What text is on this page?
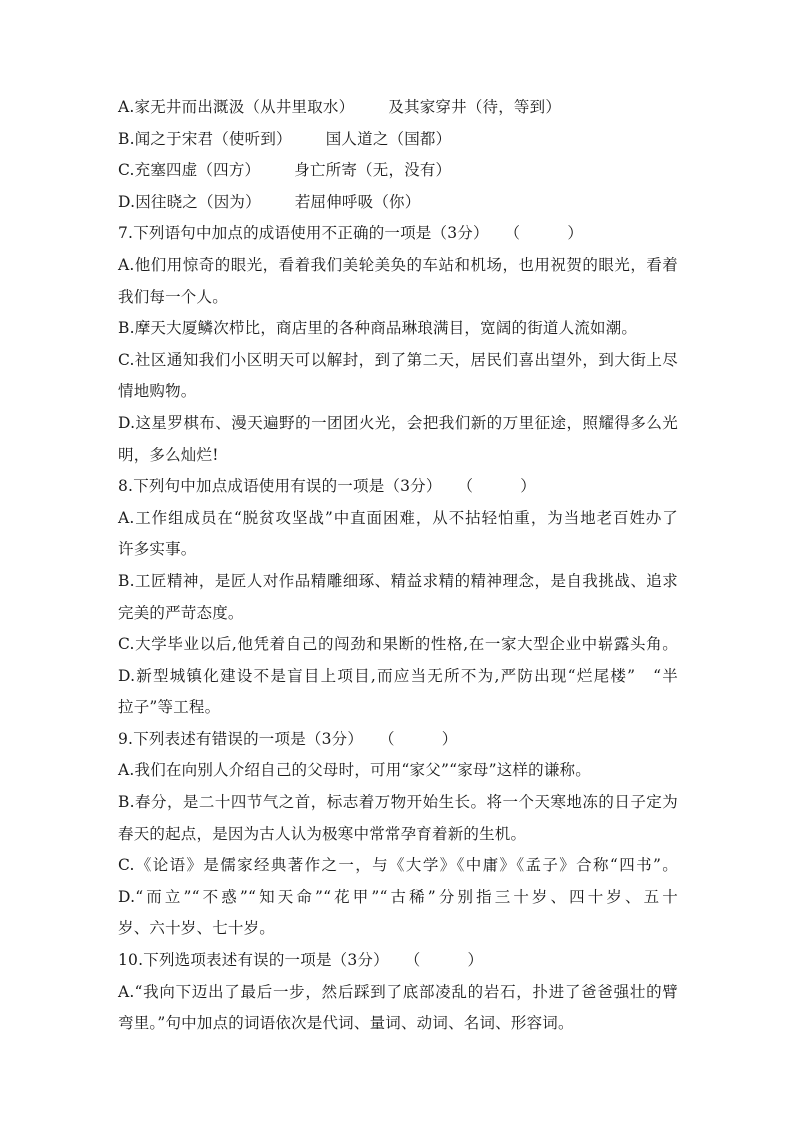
A.家无井而出溉汲（从井里取水） 及其家穿井（待，等到）
B.闻之于宋君（使听到） 国人道之（国都）
C.充塞四虚（四方） 身亡所寄（无，没有）
D.因往晓之（因为） 若屈伸呼吸（你）
7.下列语句中加点的成语使用不正确的一项是（3分）　　（　　　）
A.他们用惊奇的眼光，看着我们美轮美奂的车站和机场，也用祝贺的眼光，看着
我们每一个人。
B.摩天大厦鳞次栉比，商店里的各种商品琳琅满目，宽阔的街道人流如潮。
C.社区通知我们小区明天可以解封，到了第二天，居民们喜出望外，到大街上尽
情地购物。
D.这星罗棋布、漫天遍野的一团团火光，会把我们新的万里征途，照耀得多么光
明，多么灿烂!
8.下列句中加点成语使用有误的一项是（3分）　　（　　　）
A.工作组成员在“脱贫攻坚战”中直面困难，从不拈轻怕重，为当地老百姓办了
许多实事。
B.工匠精神，是匠人对作品精雕细琢、精益求精的精神理念，是自我挑战、追求
完美的严苛态度。
C.大学毕业以后,他凭着自己的闯劲和果断的性格,在一家大型企业中崭露头角。
D.新型城镇化建设不是盲目上项目,而应当无所不为,严防出现“烂尾楼”　“半
拉子”等工程。
9.下列表述有错误的一项是（3分）　　（　　　）
A.我们在向别人介绍自己的父母时，可用“家父”“家母”这样的谦称。
B.春分，是二十四节气之首，标志着万物开始生长。将一个天寒地冻的日子定为
春天的起点，是因为古人认为极寒中常常孕育着新的生机。
C.《论语》是儒家经典著作之一，与《大学》《中庸》《孟子》合称“四书”。
D.“而立”“不惑”“知天命”“花甲”“古稀”分别指三十岁、四十岁、五十
岁、六十岁、七十岁。
10.下列选项表述有误的一项是（3分）　　（　　　）
A.“我向下迈出了最后一步，然后踩到了底部凌乱的岩石，扑进了爸爸强壮的臂
弯里。”句中加点的词语依次是代词、量词、动词、名词、形容词。
